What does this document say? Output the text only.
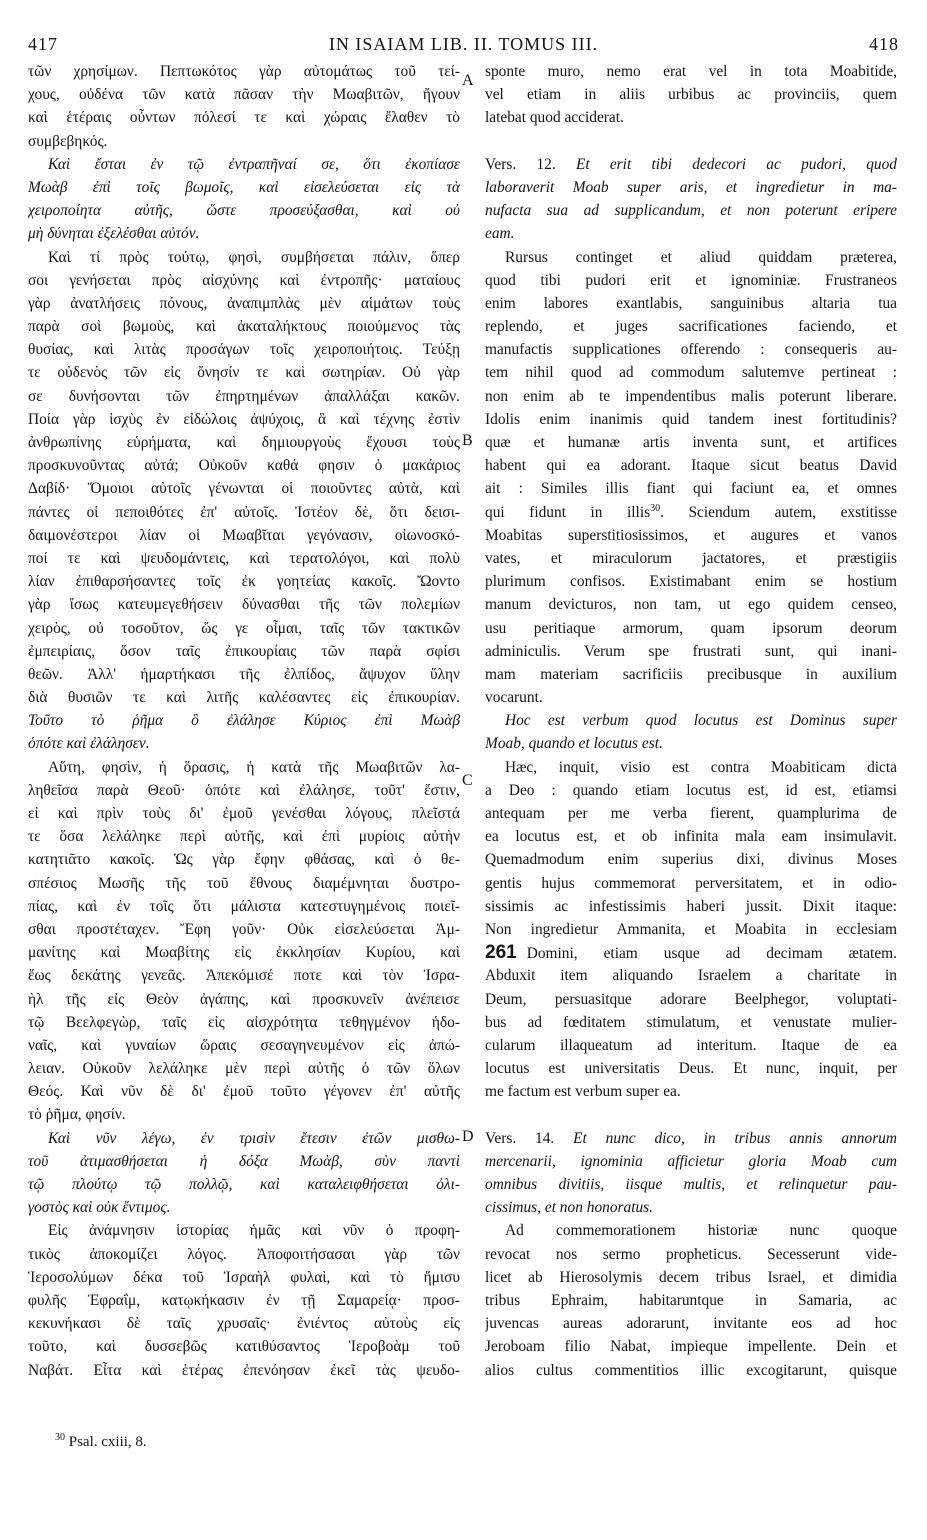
417	IN ISAIAM LIB. II. TOMUS III.	418
τῶν χρησίμων. Πεπτωκότος γὰρ αὐτομάτως τοῦ τεί-
χους, οὐδένα τῶν κατὰ πᾶσαν τὴν Μωαβιτῶν, ἤγουν
καὶ ἑτέραις οὖντων πόλεσί τε καὶ χώραις ἔλαθεν τὸ
συμβεβηκός.
Καὶ ἔσται ἐν τῷ ἐντραπῆναί σε, ὅτι ἐκοπίασε
Μωὰβ ἐπὶ τοῖς βωμοῖς, καὶ εἰσελεύσεται εἰς τὰ
χειροποίητα αὐτῆς, ὥστε προσεύξασθαι, καὶ οὐ
μὴ δύνηται ἐξελέσθαι αὐτόν.
Καὶ τί πρὸς τούτῳ, φησὶ, συμβήσεται πάλιν, ὅπερ
σοι γενήσεται πρὸς αἰσχύνης καὶ ἐντροπῆς· ματαίους
γὰρ ἀνατλήσεις πόνους, ἀναπιμπλὰς μὲν αἱμάτων τοὺς
παρὰ σοὶ βωμοὺς, καὶ ἀκαταλήκτους ποιούμενος τὰς
θυσίας, καὶ λιτὰς προσάγων τοῖς χειροποιήτοις. Τεύξῃ
τε οὐδενὸς τῶν εἰς ὄνησίν τε καὶ σωτηρίαν. Οὐ γὰρ
σε δυνήσονται τῶν ἐπηρτημένων ἀπαλλάξαι κακῶν.
Ποία γὰρ ἰσχὺς ἐν εἰδώλοις ἀψύχοις, ἃ καὶ τέχνης ἐστὶν
ἀνθρωπίνης εὑρήματα, καὶ δημιουργοὺς ἔχουσι τοὺς
προσκυνοῦντας αὐτά; Οὐκοῦν καθά φησιν ὁ μακάριος
Δαβίδ· Ὅμοιοι αὐτοῖς γένωνται οἱ ποιοῦντες αὐτὰ, καὶ
πάντες οἱ πεποιθότες ἐπ' αὐτοῖς. Ἰστέον δὲ, ὅτι δεισι-
δαιμονέστεροι λίαν οἱ Μωαβῖται γεγόνασιν, οἰωνοσκό-
ποί τε καὶ ψευδομάντεις, καὶ τερατολόγοι, καὶ πολὺ
λίαν ἐπιθαρσήσαντες τοῖς ἐκ γοητείας κακοῖς. Ὤοντο
γὰρ ἴσως κατευμεγεθήσειν δύνασθαι τῆς τῶν πολεμίων
χειρὸς, οὐ τοσοῦτον, ὥς γε οἶμαι, ταῖς τῶν τακτικῶν
ἐμπειρίαις, ὅσον ταῖς ἐπικουρίαις τῶν παρὰ σφίσι
θεῶν. Ἀλλ' ἡμαρτήκασι τῆς ἐλπίδος, ἄψυχον ὕλην
διὰ θυσιῶν τε καὶ λιτῆς καλέσαντες εἰς ἐπικουρίαν.
Τοῦτο τὸ ῥῆμα ὃ ἐλάλησε Κύριος ἐπὶ Μωὰβ
ὁπότε καὶ ἐλάλησεν.
Αὕτη, φησὶν, ἡ ὅρασις, ἡ κατὰ τῆς Μωαβιτῶν λα-
ληθεῖσα παρὰ Θεοῦ· ὁπότε καὶ ἐλάλησε, τοῦτ' ἔστιν,
εἰ καὶ πρὶν τοὺς δι' ἐμοῦ γενέσθαι λόγους, πλεῖστά
τε ὅσα λελάληκε περὶ αὐτῆς, καὶ ἐπὶ μυρίοις αὐτὴν
κατητιᾶτο κακοῖς. Ὡς γὰρ ἔφην φθάσας, καὶ ὁ θε-
σπέσιος Μωσῆς τῆς τοῦ ἔθνους διαμέμνηται δυστρο-
πίας, καὶ ἐν τοῖς ὅτι μάλιστα κατεστυγημένοις ποιεῖ-
σθαι προστέταχεν. Ἔφη γοῦν· Οὐκ εἰσελεύσεται Ἀμ-
μανίτης καὶ Μωαβίτης εἰς ἐκκλησίαν Κυρίου, καὶ
ἕως δεκάτης γενεᾶς. Ἀπεκόμισέ ποτε καὶ τὸν Ἰσρα-
ὴλ τῆς εἰς Θεὸν ἀγάπης, καὶ προσκυνεῖν ἀνέπεισε
τῷ Βεελφεγὼρ, ταῖς εἰς αἰσχρότητα τεθηγμένον ἡδο-
ναῖς, καὶ γυναίων ὥραις σεσαγηνευμένον εἰς ἀπώ-
λειαν. Οὐκοῦν λελάληκε μὲν περὶ αὐτῆς ὁ τῶν ὅλων
Θεός. Καὶ νῦν δὲ δι' ἐμοῦ τοῦτο γέγονεν ἐπ' αὐτῆς
τὸ ῥῆμα, φησίν.
Καὶ νῦν λέγω, ἐν τρισὶν ἔτεσιν ἐτῶν μισθω-
τοῦ ἀτιμασθήσεται ἡ δόξα Μωὰβ, σὺν παντὶ
τῷ πλούτῳ τῷ πολλῷ, καὶ καταλειφθήσεται ὀλι-
γοστὸς καὶ οὐκ ἔντιμος.
Εἰς ἀνάμνησιν ἱστορίας ἡμᾶς καὶ νῦν ὁ προφη-
τικὸς ἀποκομίζει λόγος. Ἀποφοιτήσασαι γὰρ τῶν
Ἱεροσολύμων δέκα τοῦ Ἰσραὴλ φυλαὶ, καὶ τὸ ἥμισυ
φυλῆς Ἐφραΐμ, κατῳκήκασιν ἐν τῇ Σαμαρείᾳ· προσ-
κεκυνήκασι δὲ ταῖς χρυσαῖς· ἐνιέντος αὐτοὺς εἰς
τοῦτο, καὶ δυσσεβῶς κατιθύσαντος Ἱεροβοὰμ τοῦ
Ναβάτ. Εἶτα καὶ ἑτέρας ἐπενόησαν ἐκεῖ τὰς ψευδο-
sponte muro, nemo erat vel in tota Moabitide,
vel etiam in aliis urbibus ac provinciis, quem
latebat quod acciderat.
Vers. 12. Et erit tibi dedecori ac pudori, quod
laboraverit Moab super aris, et ingredietur in ma-
nufacta sua ad supplicandum, et non poterunt eripere
eam.
Rursus continget et aliud quiddam præterea,
quod tibi pudori erit et ignominiæ. Frustraneos
enim labores exantlabis, sanguinibus altaria tua
replendo, et juges sacrificationes faciendo, et
manufactis supplicationes offerendo : consequeris au-
tem nihil quod ad commodum salutemve pertineat :
non enim ab te impendentibus malis poterunt liberare.
Idolis enim inanimis quid tandem inest fortitudinis?
quæ et humanæ artis inventa sunt, et artifices
habent qui ea adorant. Itaque sicut beatus David
ait : Similes illis fiant qui faciunt ea, et omnes
qui fidunt in illis$^{30}$. Sciendum autem, exstitisse
Moabitas superstitiosissimos, et augures et vanos
vates, et miraculorum jactatores, et præstigiis
plurimum confisos. Existimabant enim se hostium
manum devicturos, non tam, ut ego quidem censeo,
usu peritiaque armorum, quam ipsorum deorum
adminiculis. Verum spe frustrati sunt, qui inani-
mam materiam sacrificiis precibusque in auxilium
vocarunt.
Hoc est verbum quod locutus est Dominus super
Moab, quando et locutus est.
Hæc, inquit, visio est contra Moabiticam dicta
a Deo : quando etiam locutus est, id est, etiamsi
antequam per me verba fierent, quamplurima de
ea locutus est, et ob infinita mala eam insimulavit.
Quemadmodum enim superius dixi, divinus Moses
gentis hujus commemorat perversitatem, et in odio-
sissimis ac infestissimis haberi jussit. Dixit itaque:
Non ingredietur Ammanita, et Moabita in ecclesiam
261 Domini, etiam usque ad decimam ætatem.
Abduxit item aliquando Israelem a charitate in
Deum, persuasitque adorare Beelphegor, voluptati-
bus ad fœditatem stimulatum, et venustate mulier-
cularum illaqueatum ad interitum. Itaque de ea
locutus est universitatis Deus. Et nunc, inquit, per
me factum est verbum super ea.
Vers. 14. Et nunc dico, in tribus annis annorum
mercenarii, ignominia afficietur gloria Moab cum
omnibus divitiis, iisque multis, et relinquetur pau-
cissimus, et non honoratus.
Ad commemorationem historiæ nunc quoque
revocat nos sermo propheticus. Secesserunt vide-
licet ab Hierosolymis decem tribus Israel, et dimidia
tribus Ephraim, habitaruntque in Samaria, ac
juvencas aureas adorarunt, invitante eos ad hoc
Jeroboam filio Nabat, impieque impellente. Dein et
alios cultus commentitios illic excogitarunt, quisque
A
B
C
D
$^{30}$ Psal. cxiii, 8.
